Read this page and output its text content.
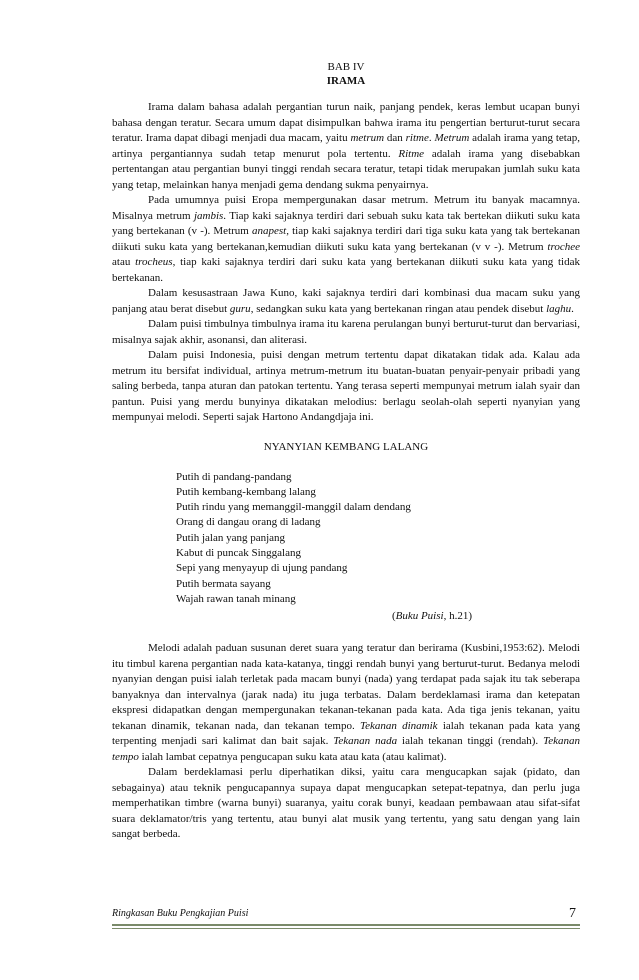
BAB IV
IRAMA

Irama dalam bahasa adalah pergantian turun naik, panjang pendek, keras lembut ucapan bunyi bahasa dengan teratur. Secara umum dapat disimpulkan bahwa irama itu pengertian berturut-turut secara teratur. Irama dapat dibagi menjadi dua macam, yaitu metrum dan ritme. Metrum adalah irama yang tetap, artinya pergantiannya sudah tetap menurut pola tertentu. Ritme adalah irama yang disebabkan pertentangan atau pergantian bunyi tinggi rendah secara teratur, tetapi tidak merupakan jumlah suku kata yang tetap, melainkan hanya menjadi gema dendang sukma penyairnya.

Pada umumnya puisi Eropa mempergunakan dasar metrum. Metrum itu banyak macamnya. Misalnya metrum jambis. Tiap kaki sajaknya terdiri dari sebuah suku kata tak bertekan diikuti suku kata yang bertekanan (v -). Metrum anapest, tiap kaki sajaknya terdiri dari tiga suku kata yang tak bertekanan diikuti suku kata yang bertekanan,kemudian diikuti suku kata yang bertekanan (v v -). Metrum trochee atau trocheus, tiap kaki sajaknya terdiri dari suku kata yang bertekanan diikuti suku kata yang tidak bertekanan.

Dalam kesusastraan Jawa Kuno, kaki sajaknya terdiri dari kombinasi dua macam suku yang panjang atau berat disebut guru, sedangkan suku kata yang bertekanan ringan atau pendek disebut laghu.

Dalam puisi timbulnya timbulnya irama itu karena perulangan bunyi berturut-turut dan bervariasi, misalnya sajak akhir, asonansi, dan aliterasi.

Dalam puisi Indonesia, puisi dengan metrum tertentu dapat dikatakan tidak ada. Kalau ada metrum itu bersifat individual, artinya metrum-metrum itu buatan-buatan penyair-penyair pribadi yang saling berbeda, tanpa aturan dan patokan tertentu. Yang terasa seperti mempunyai metrum ialah syair dan pantun. Puisi yang merdu bunyinya dikatakan melodius: berlagu seolah-olah seperti nyanyian yang mempunyai melodi. Seperti sajak Hartono Andangdjaja ini.

NYANYIAN KEMBANG LALANG
Putih di pandang-pandang
Putih kembang-kembang lalang
Putih rindu yang memanggil-manggil dalam dendang
Orang di dangau orang di ladang
Putih jalan yang panjang
Kabut di puncak Singgalang
Sepi yang menyayup di ujung pandang
Putih bermata sayang
Wajah rawan tanah minang
(Buku Puisi, h.21)

Melodi adalah paduan susunan deret suara yang teratur dan berirama (Kusbini,1953:62). Melodi itu timbul karena pergantian nada kata-katanya, tinggi rendah bunyi yang berturut-turut. Bedanya melodi nyanyian dengan puisi ialah terletak pada macam bunyi (nada) yang terdapat pada sajak itu tak seberapa banyaknya dan intervalnya (jarak nada) itu juga terbatas. Dalam berdeklamasi irama dan ketepatan ekspresi didapatkan dengan mempergunakan tekanan-tekanan pada kata. Ada tiga jenis tekanan, yaitu tekanan dinamik, tekanan nada, dan tekanan tempo. Tekanan dinamik ialah tekanan pada kata yang terpenting menjadi sari kalimat dan bait sajak. Tekanan nada ialah tekanan tinggi (rendah). Tekanan tempo ialah lambat cepatnya pengucapan suku kata atau kata (atau kalimat).

Dalam berdeklamasi perlu diperhatikan diksi, yaitu cara mengucapkan sajak (pidato, dan sebagainya) atau teknik pengucapannya supaya dapat mengucapkan setepat-tepatnya, dan perlu juga memperhatikan timbre (warna bunyi) suaranya, yaitu corak bunyi, keadaan pembawaan atau sifat-sifat suara deklamator/tris yang tertentu, atau bunyi alat musik yang tertentu, yang satu dengan yang lain sangat berbeda.

Ringkasan Buku Pengkajian Puisi	7
